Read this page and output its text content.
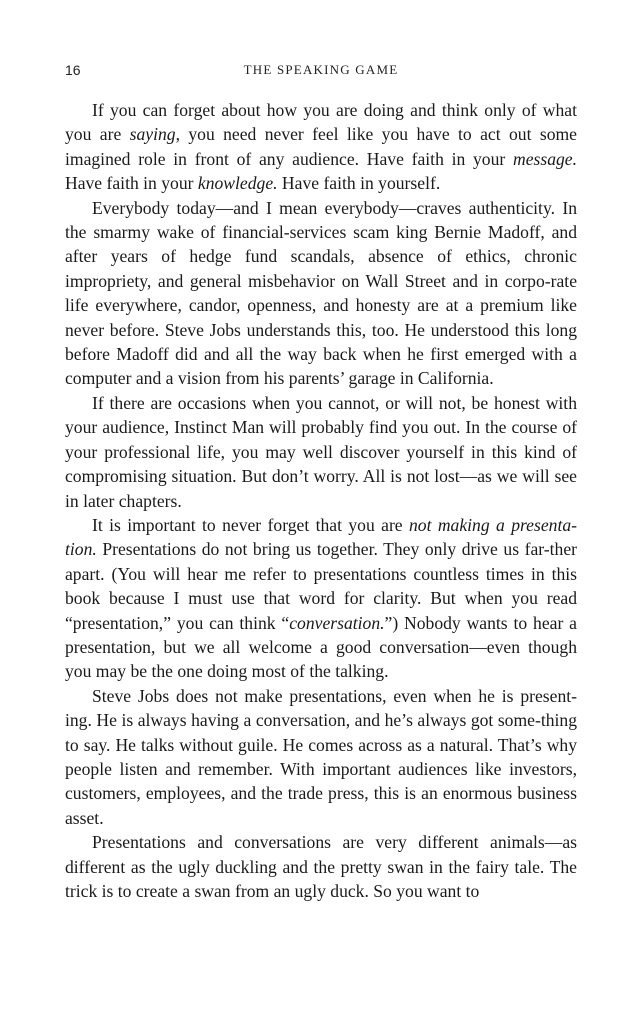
16	THE SPEAKING GAME

If you can forget about how you are doing and think only of what you are saying, you need never feel like you have to act out some imagined role in front of any audience. Have faith in your message. Have faith in your knowledge. Have faith in yourself.

Everybody today—and I mean everybody—craves authenticity. In the smarmy wake of financial-services scam king Bernie Madoff, and after years of hedge fund scandals, absence of ethics, chronic impropriety, and general misbehavior on Wall Street and in corpo-rate life everywhere, candor, openness, and honesty are at a premium like never before. Steve Jobs understands this, too. He understood this long before Madoff did and all the way back when he first emerged with a computer and a vision from his parents’ garage in California.

If there are occasions when you cannot, or will not, be honest with your audience, Instinct Man will probably find you out. In the course of your professional life, you may well discover yourself in this kind of compromising situation. But don’t worry. All is not lost—as we will see in later chapters.

It is important to never forget that you are not making a presenta-tion. Presentations do not bring us together. They only drive us far-ther apart. (You will hear me refer to presentations countless times in this book because I must use that word for clarity. But when you read “presentation,” you can think “conversation.”) Nobody wants to hear a presentation, but we all welcome a good conversation—even though you may be the one doing most of the talking.

Steve Jobs does not make presentations, even when he is present-ing. He is always having a conversation, and he’s always got some-thing to say. He talks without guile. He comes across as a natural. That’s why people listen and remember. With important audiences like investors, customers, employees, and the trade press, this is an enormous business asset.

Presentations and conversations are very different animals—as different as the ugly duckling and the pretty swan in the fairy tale. The trick is to create a swan from an ugly duck. So you want to
